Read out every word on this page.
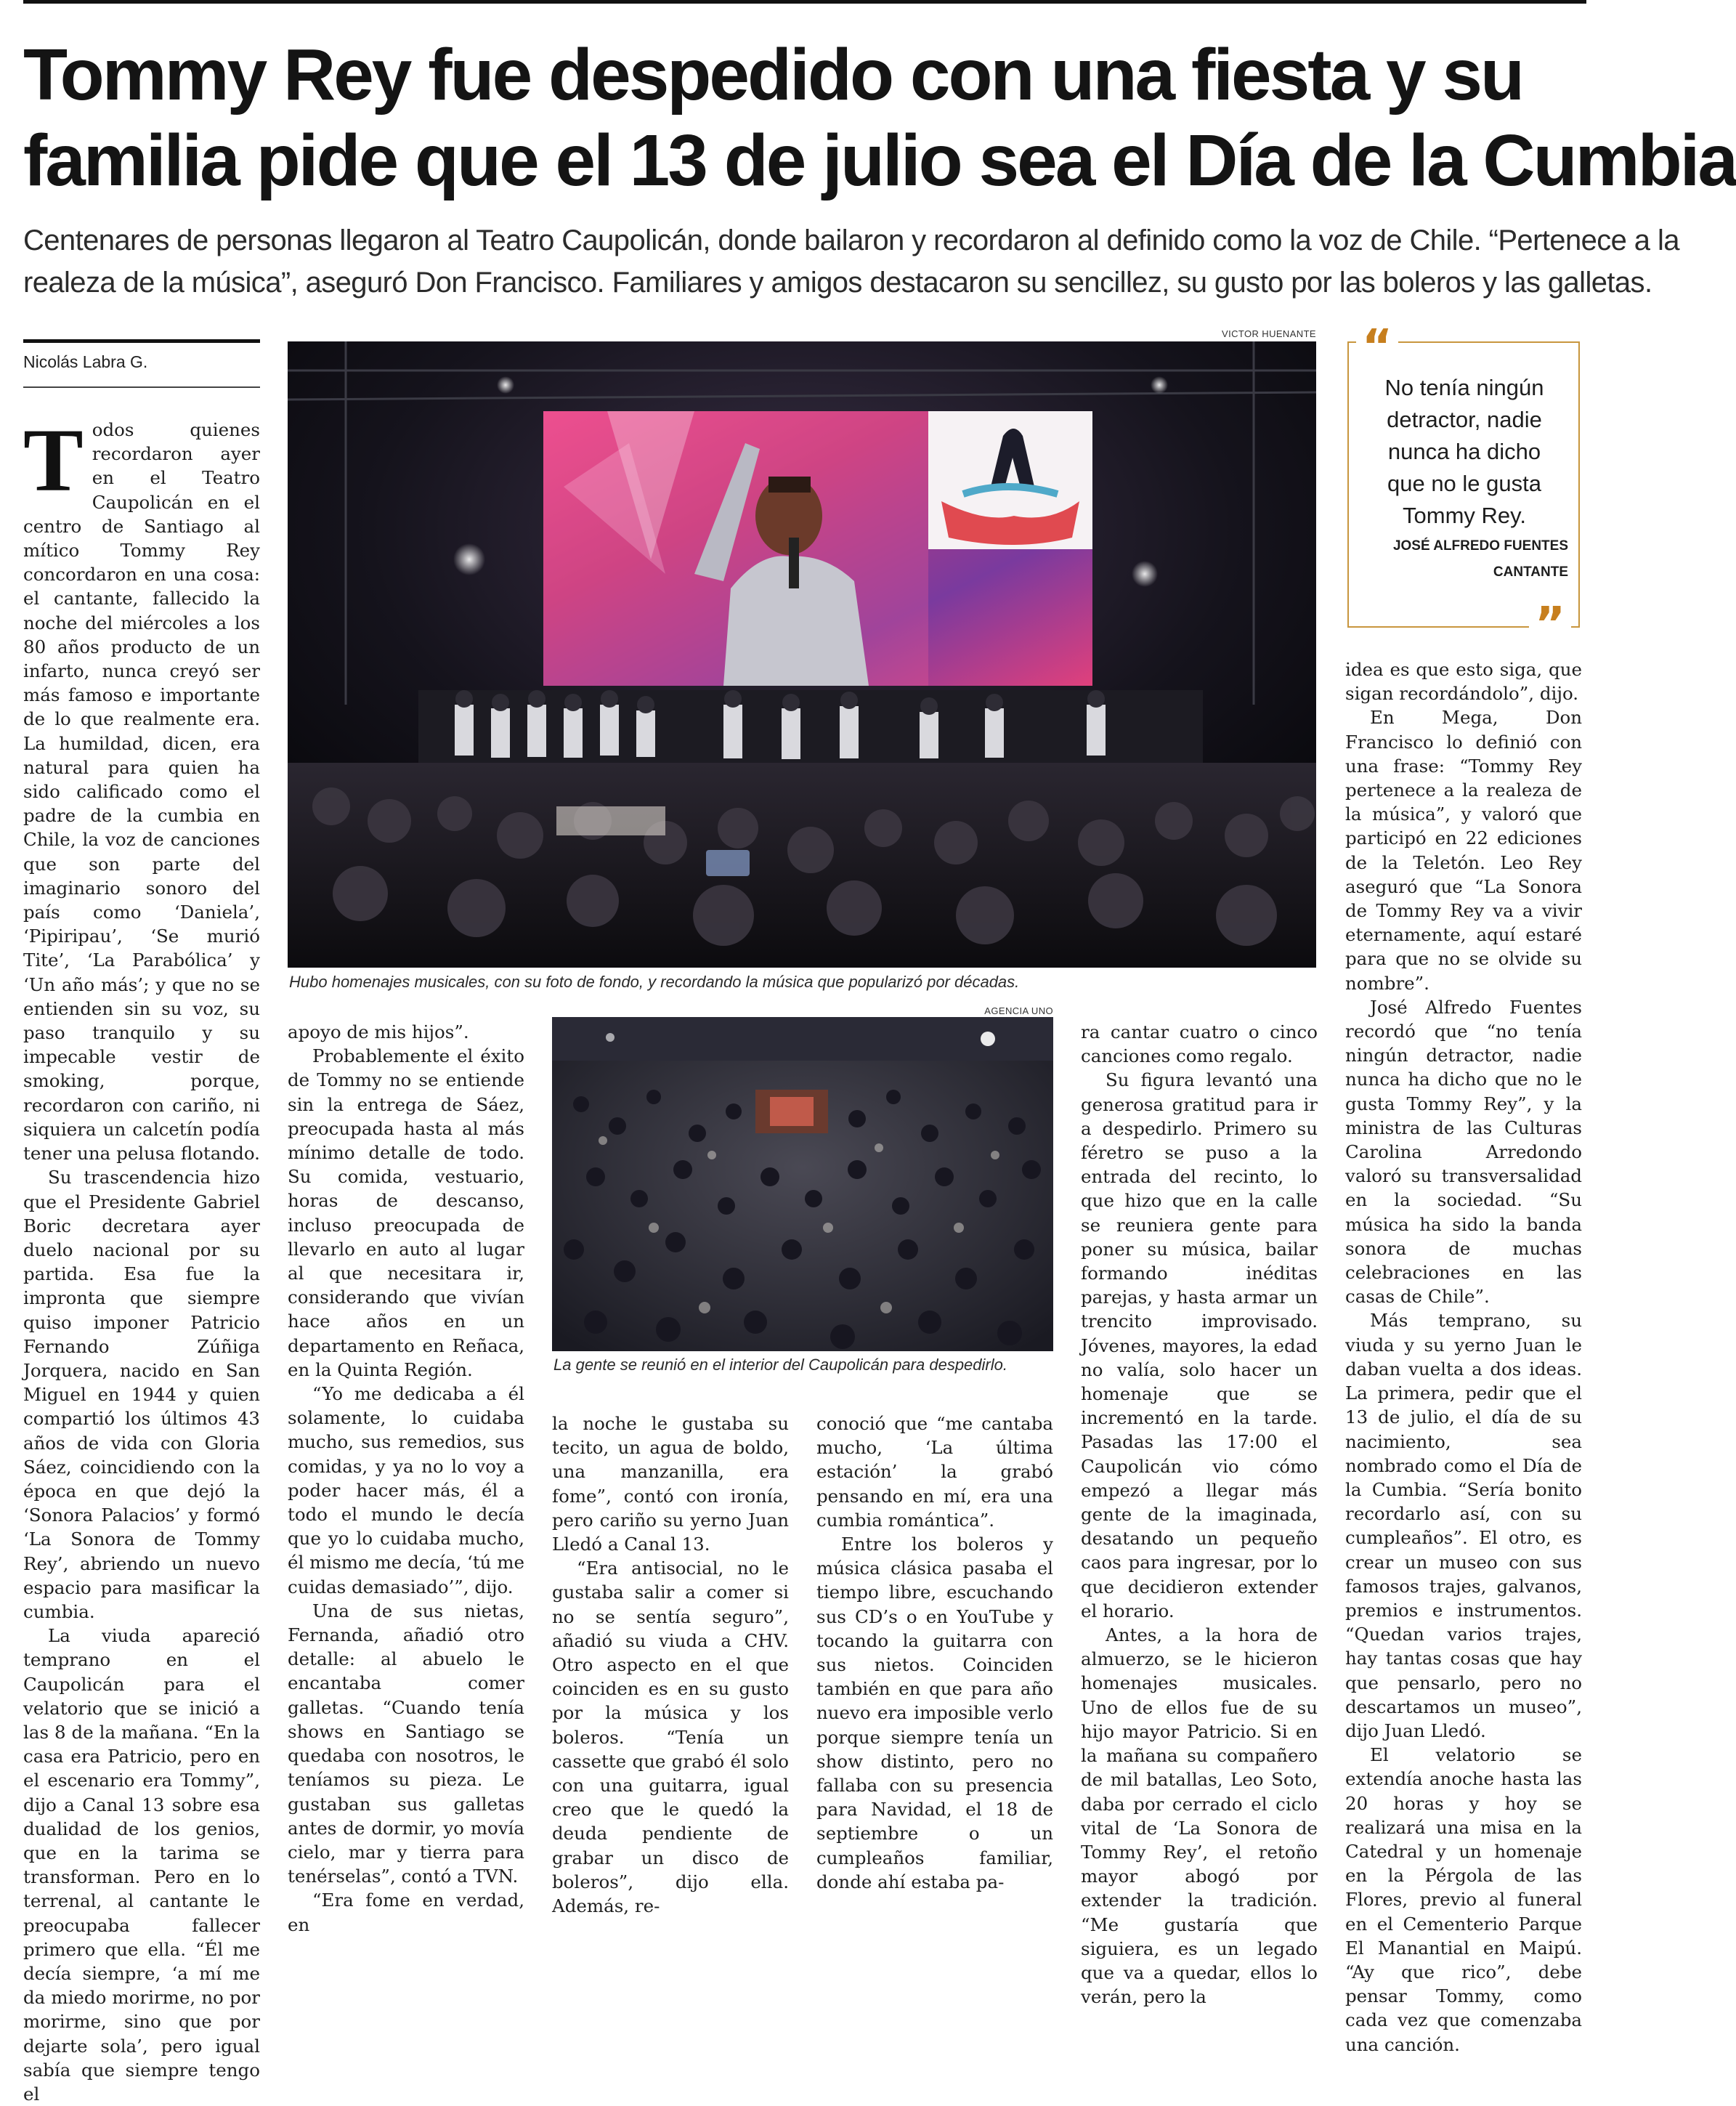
Tommy Rey fue despedido con una fiesta y su
familia pide que el 13 de julio sea el Día de la Cumbia
Centenares de personas llegaron al Teatro Caupolicán, donde bailaron y recordaron al definido como la voz de Chile. “Pertenece a la
realeza de la música”, aseguró Don Francisco. Familiares y amigos destacaron su sencillez, su gusto por las boleros y las galletas.
Nicolás Labra G.
VICTOR HUENANTE
Hubo homenajes musicales, con su foto de fondo, y recordando la música que popularizó por décadas.
AGENCIA UNO
La gente se reunió en el interior del Caupolicán para despedirlo.
“
No tenía ningún detractor, nadie nunca ha dicho que no le gusta Tommy Rey.
JOSÉ ALFREDO FUENTES
CANTANTE
”

Todos quienes recordaron ayer en el Teatro Caupolicán en el centro de Santiago al mítico Tommy Rey concordaron en una cosa: el cantante, fallecido la noche del miércoles a los 80 años producto de un infarto, nunca creyó ser más famoso e importante de lo que realmente era. La humildad, dicen, era natural para quien ha sido calificado como el padre de la cumbia en Chile, la voz de canciones que son parte del imaginario sonoro del país como ‘Daniela’, ‘Pipiripau’, ‘Se murió Tite’, ‘La Parabólica’ y ‘Un año más’; y que no se entienden sin su voz, su paso tranquilo y su impecable vestir de smoking, porque, recordaron con cariño, ni siquiera un calcetín podía tener una pelusa flotando.

Su trascendencia hizo que el Presidente Gabriel Boric decretara ayer duelo nacional por su partida. Esa fue la impronta que siempre quiso imponer Patricio Fernando Zúñiga Jorquera, nacido en San Miguel en 1944 y quien compartió los últimos 43 años de vida con Gloria Sáez, coincidiendo con la época en que dejó la ‘Sonora Palacios’ y formó ‘La Sonora de Tommy Rey’, abriendo un nuevo espacio para masificar la cumbia.

La viuda apareció temprano en el Caupolicán para el velatorio que se inició a las 8 de la mañana. “En la casa era Patricio, pero en el escenario era Tommy”, dijo a Canal 13 sobre esa dualidad de los genios, que en la tarima se transforman. Pero en lo terrenal, al cantante le preocupaba fallecer primero que ella. “Él me decía siempre, ‘a mí me da miedo morirme, no por morirme, sino que por dejarte sola’, pero igual sabía que siempre tengo el

apoyo de mis hijos”.

Probablemente el éxito de Tommy no se entiende sin la entrega de Sáez, preocupada hasta al más mínimo detalle de todo. Su comida, vestuario, horas de descanso, incluso preocupada de llevarlo en auto al lugar al que necesitara ir, considerando que vivían hace años en un departamento en Reñaca, en la Quinta Región.

“Yo me dedicaba a él solamente, lo cuidaba mucho, sus remedios, sus comidas, y ya no lo voy a poder hacer más, él a todo el mundo le decía que yo lo cuidaba mucho, él mismo me decía, ‘tú me cuidas demasiado’”, dijo.

Una de sus nietas, Fernanda, añadió otro detalle: al abuelo le encantaba comer galletas. “Cuando tenía shows en Santiago se quedaba con nosotros, le teníamos su pieza. Le gustaban sus galletas antes de dormir, yo movía cielo, mar y tierra para tenérselas”, contó a TVN.

“Era fome en verdad, en

la noche le gustaba su tecito, un agua de boldo, una manzanilla, era fome”, contó con ironía, pero cariño su yerno Juan Lledó a Canal 13.

“Era antisocial, no le gustaba salir a comer si no se sentía seguro”, añadió su viuda a CHV. Otro aspecto en el que coinciden es en su gusto por la música y los boleros. “Tenía un cassette que grabó él solo con una guitarra, igual creo que le quedó la deuda pendiente de grabar un disco de boleros”, dijo ella. Además, re-

conoció que “me cantaba mucho, ‘La última estación’ la grabó pensando en mí, era una cumbia romántica”.

Entre los boleros y música clásica pasaba el tiempo libre, escuchando sus CD’s o en YouTube y tocando la guitarra con sus nietos. Coinciden también en que para año nuevo era imposible verlo porque siempre tenía un show distinto, pero no fallaba con su presencia para Navidad, el 18 de septiembre o un cumpleaños familiar, donde ahí estaba pa-

ra cantar cuatro o cinco canciones como regalo.

Su figura levantó una generosa gratitud para ir a despedirlo. Primero su féretro se puso a la entrada del recinto, lo que hizo que en la calle se reuniera gente para poner su música, bailar formando inéditas parejas, y hasta armar un trencito improvisado. Jóvenes, mayores, la edad no valía, solo hacer un homenaje que se incrementó en la tarde. Pasadas las 17:00 el Caupolicán vio cómo empezó a llegar más gente de la imaginada, desatando un pequeño caos para ingresar, por lo que decidieron extender el horario.

Antes, a la hora de almuerzo, se le hicieron homenajes musicales. Uno de ellos fue de su hijo mayor Patricio. Si en la mañana su compañero de mil batallas, Leo Soto, daba por cerrado el ciclo vital de ‘La Sonora de Tommy Rey’, el retoño mayor abogó por extender la tradición. “Me gustaría que siguiera, es un legado que va a quedar, ellos lo verán, pero la

idea es que esto siga, que sigan recordándolo”, dijo.

En Mega, Don Francisco lo definió con una frase: “Tommy Rey pertenece a la realeza de la música”, y valoró que participó en 22 ediciones de la Teletón. Leo Rey aseguró que “La Sonora de Tommy Rey va a vivir eternamente, aquí estaré para que no se olvide su nombre”.

José Alfredo Fuentes recordó que “no tenía ningún detractor, nadie nunca ha dicho que no le gusta Tommy Rey”, y la ministra de las Culturas Carolina Arredondo valoró su transversalidad en la sociedad. “Su música ha sido la banda sonora de muchas celebraciones en las casas de Chile”.

Más temprano, su viuda y su yerno Juan le daban vuelta a dos ideas. La primera, pedir que el 13 de julio, el día de su nacimiento, sea nombrado como el Día de la Cumbia. “Sería bonito recordarlo así, con su cumpleaños”. El otro, es crear un museo con sus famosos trajes, galvanos, premios e instrumentos. “Quedan varios trajes, hay tantas cosas que hay que pensarlo, pero no descartamos un museo”, dijo Juan Lledó.

El velatorio se extendía anoche hasta las 20 horas y hoy se realizará una misa en la Catedral y un homenaje en la Pérgola de las Flores, previo al funeral en el Cementerio Parque El Manantial en Maipú. “Ay que rico”, debe pensar Tommy, como cada vez que comenzaba una canción.
